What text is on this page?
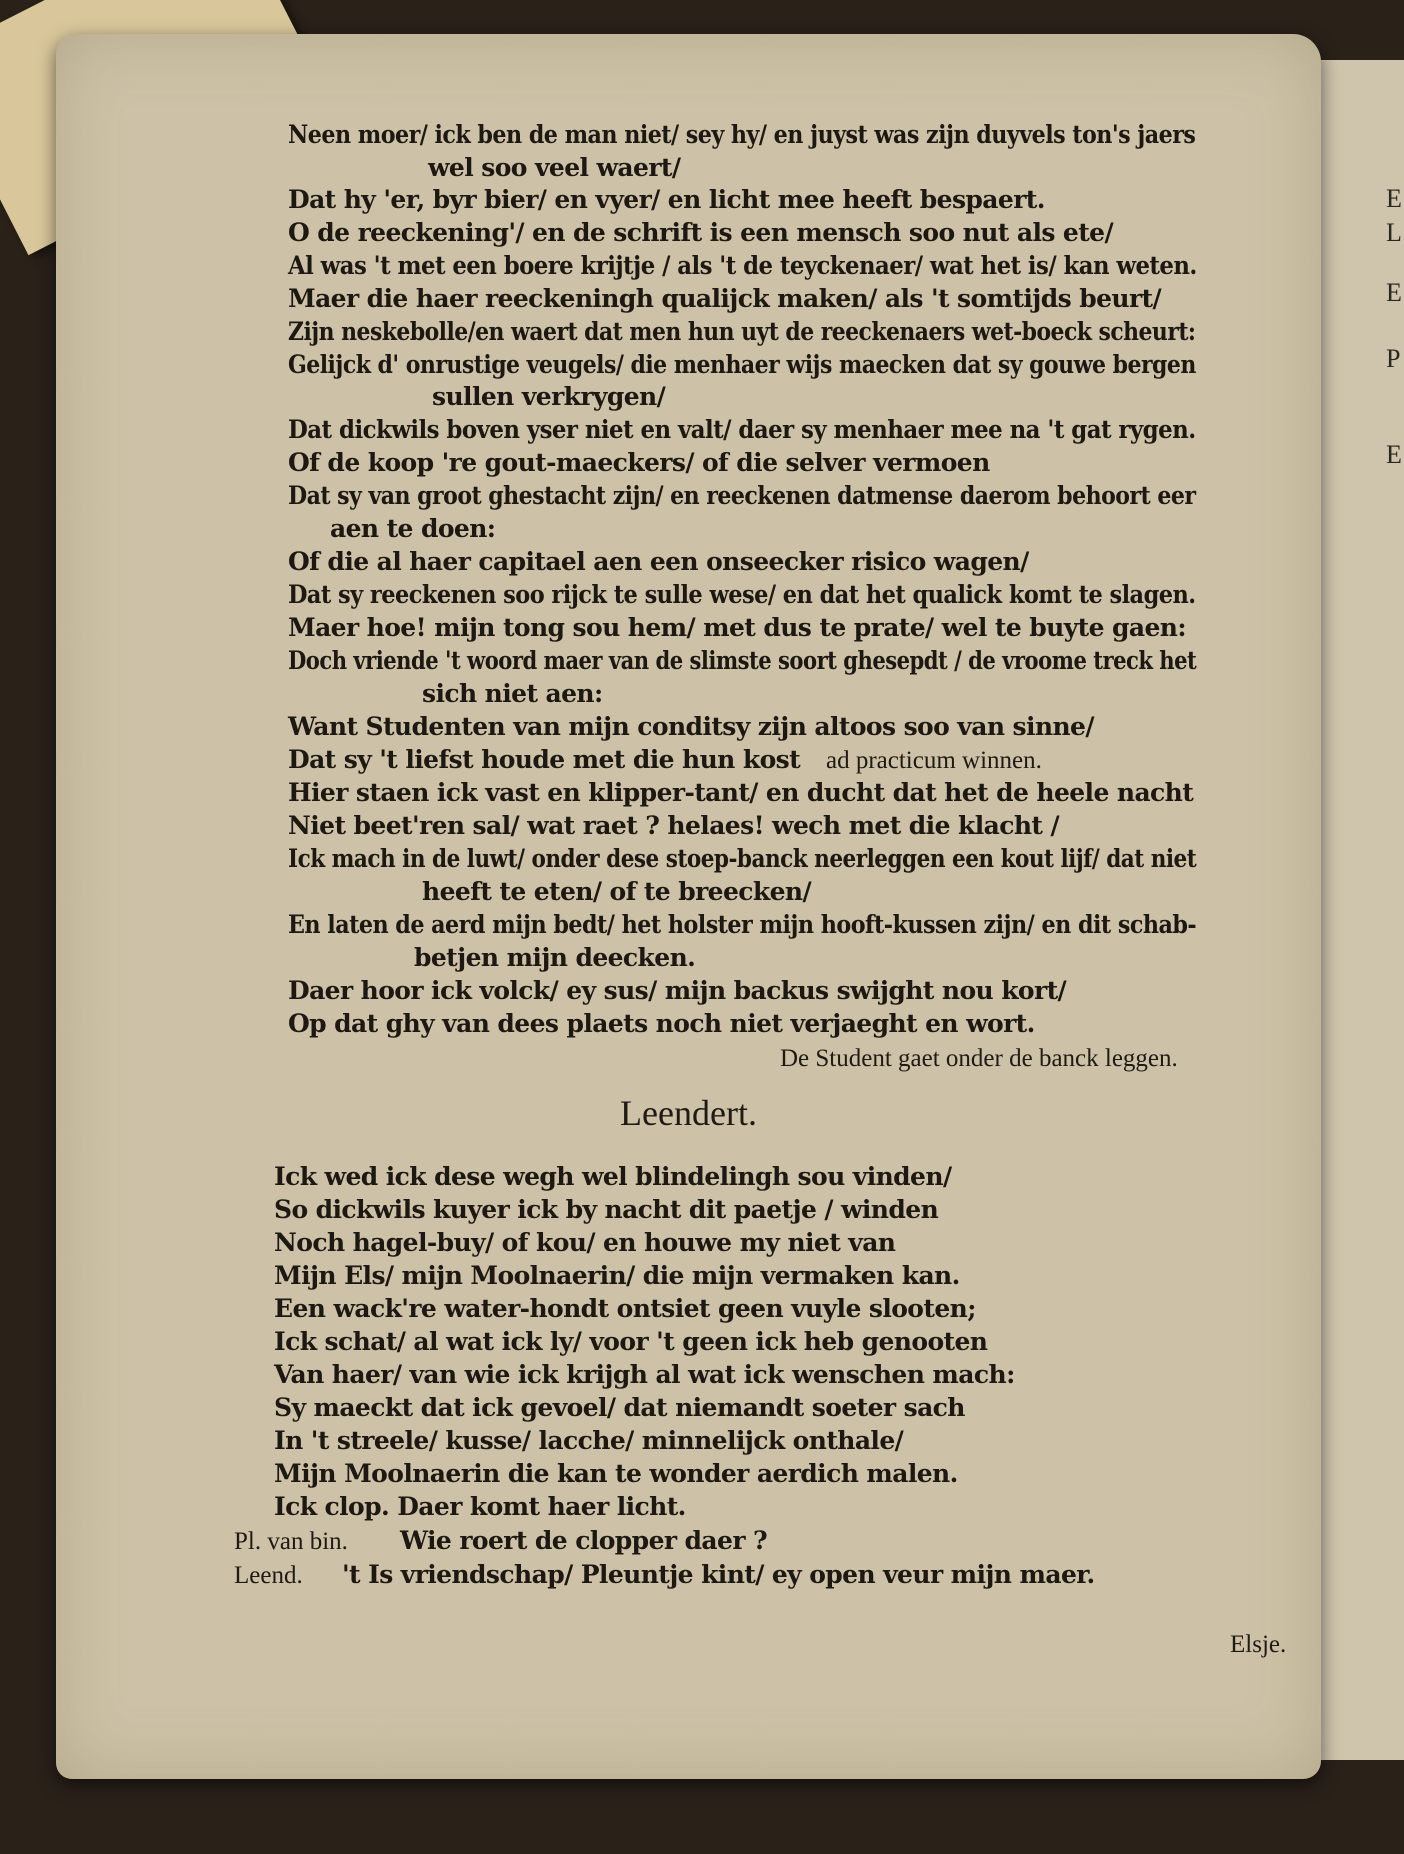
E
L
E
P
E
Neen moer/ ick ben de man niet/ sey hy/ en juyst was zijn duyvels ton's jaers
wel soo veel waert/
Dat hy 'er, byr bier/ en vyer/ en licht mee heeft bespaert.
O de reeckening'/ en de schrift is een mensch soo nut als ete/
Al was 't met een boere krijtje / als 't de teyckenaer/ wat het is/ kan weten.
Maer die haer reeckeningh qualijck maken/ als 't somtijds beurt/
Zijn neskebolle/en waert dat men hun uyt de reeckenaers wet-boeck scheurt:
Gelijck d' onrustige veugels/ die menhaer wijs maecken dat sy gouwe bergen
sullen verkrygen/
Dat dickwils boven yser niet en valt/ daer sy menhaer mee na 't gat rygen.
Of de koop 're gout-maeckers/ of die selver vermoen
Dat sy van groot ghestacht zijn/ en reeckenen datmense daerom behoort eer
aen te doen:
Of die al haer capitael aen een onseecker risico wagen/
Dat sy reeckenen soo rijck te sulle wese/ en dat het qualick komt te slagen.
Maer hoe! mijn tong sou hem/ met dus te prate/ wel te buyte gaen:
Doch vriende 't woord maer van de slimste soort ghesepdt / de vroome treck het
sich niet aen:
Want Studenten van mijn conditsy zijn altoos soo van sinne/
Dat sy 't liefst houde met die hun kost ad practicum winnen.
Hier staen ick vast en klipper-tant/ en ducht dat het de heele nacht
Niet beet'ren sal/ wat raet ? helaes! wech met die klacht /
Ick mach in de luwt/ onder dese stoep-banck neerleggen een kout lijf/ dat niet
heeft te eten/ of te breecken/
En laten de aerd mijn bedt/ het holster mijn hooft-kussen zijn/ en dit schab-
betjen mijn deecken.
Daer hoor ick volck/ ey sus/ mijn backus swijght nou kort/
Op dat ghy van dees plaets noch niet verjaeght en wort.
De Student gaet onder de banck leggen.
Leendert.
Ick wed ick dese wegh wel blindelingh sou vinden/
So dickwils kuyer ick by nacht dit paetje / winden
Noch hagel-buy/ of kou/ en houwe my niet van
Mijn Els/ mijn Moolnaerin/ die mijn vermaken kan.
Een wack're water-hondt ontsiet geen vuyle slooten;
Ick schat/ al wat ick ly/ voor 't geen ick heb genooten
Van haer/ van wie ick krijgh al wat ick wenschen mach:
Sy maeckt dat ick gevoel/ dat niemandt soeter sach
In 't streele/ kusse/ lacche/ minnelijck onthale/
Mijn Moolnaerin die kan te wonder aerdich malen.
Ick clop. Daer komt haer licht.
Pl. van bin. Wie roert de clopper daer ?
Leend. 't Is vriendschap/ Pleuntje kint/ ey open veur mijn maer.
Elsje.
